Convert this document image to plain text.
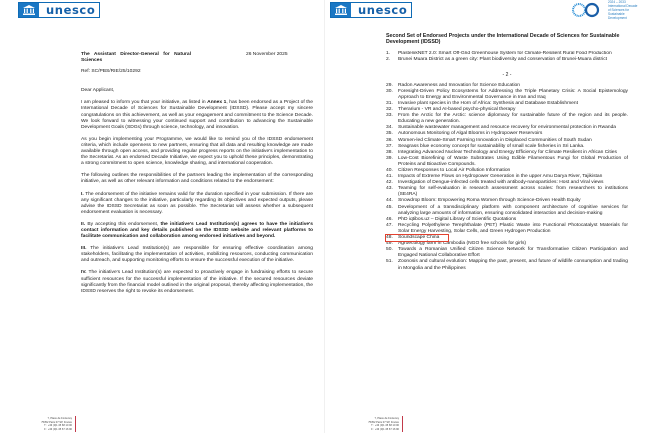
unesco
The Assistant Director-General for Natural Sciences
26 November 2025
Ref: SC/PBS/RIE/25/10292
Dear Applicant,

I am pleased to inform you that your initiative, as listed in Annex 1, has been endorsed as a Project of the International Decade of Sciences for Sustainable Development (IDSSD). Please accept my sincere congratulations on this achievement, as well as your engagement and commitment to the Science Decade. We look forward to witnessing your continued support and contribution to advancing the Sustainable Development Goals (SDGs) through science, technology, and innovation.

As you begin implementing your Programme, we would like to remind you of the IDSSD endorsement criteria, which include openness to new partners, ensuring that all data and resulting knowledge are made available through open access, and providing regular progress reports on the initiative's implementation to the Secretariat. As an endorsed Decade Initiative, we expect you to uphold these principles, demonstrating a strong commitment to open science, knowledge sharing, and international cooperation.

The following outlines the responsibilities of the partners leading the implementation of the corresponding initiative, as well as other relevant information and conditions related to the endorsement:

I. The endorsement of the initiative remains valid for the duration specified in your submission. If there are any significant changes to the initiative, particularly regarding its objectives and expected outputs, please advise the IDSSD Secretariat as soon as possible. The Secretariat will assess whether a subsequent endorsement evaluation is necessary.

II. By accepting this endorsement, the initiative's Lead Institution(s) agrees to have the initiative's contact information and key details published on the IDSSD website and relevant platforms to facilitate communication and collaboration among endorsed initiatives and beyond.

III. The initiative's Lead Institution(s) are responsible for ensuring effective coordination among stakeholders, facilitating the implementation of activities, mobilizing resources, conducting communication and outreach, and supporting monitoring efforts to ensure the successful execution of the initiative.

IV. The initiative's Lead Institution(s) are expected to proactively engage in fundraising efforts to secure sufficient resources for the successful implementation of the initiative. If the secured resources deviate significantly from the financial model outlined in the original proposal, thereby affecting implementation, the IDSSD reserves the right to revoke its endorsement.

7, Place de Fontenoy
75352 Paris 07 SP, France
T : +33 (0)1 45 68 10 00
F : +33 (0)1 45 67 16 90
unesco
2024 – 2033 International Decade of Sciences for Sustainable Development
Second Set of Endorsed Projects under the International Decade of Sciences for Sustainable Development (IDSSD)
1.	PlastenikNET 2.0: Smart Off-Grid Greenhouse System for Climate-Resilient Rural Food Production
2.	Brunei Muara District as a green city: Plant biodiversity and conservation of Brunei-Muara district
- 2 -
29.	Radon Awareness and Innovation for Science Education
30.	Foresight-Driven Policy Ecosystems for Addressing the Triple Planetary Crisis: A Social Epistemology Approach to Energy and Environmental Governance in Iran and Iraq
31.	Invasive plant species in the Horn of Africa: Synthesis and Database Establishment
32.	Therarium - VR and AI-based psycho-physical therapy
33.	From the Arctic for the Arctic: science diplomacy for sustainable future of the region and its people. Educating a new generation.
34.	Sustainable wastewater management and resource recovery for environmental protection in Rwanda
35.	Autonomous Monitoring of Algal Blooms in Hydropower Reservoirs
36.	Women-led Climate-Smart Farming Innovation in Displaced Communities of South Sudan
37.	Seagrass blue economy concept for sustainability of small scale fisheries in Sri Lanka.
38.	Integrating Advanced Nuclear Technology and Energy Efficiency for Climate Resilient in African Cities
39.	Low-Cost Biorefining of Waste Substrates Using Edible Filamentous Fungi for Global Production of Proteins and Bioactive Compounds.
40.	Citizen Responses to Local Air Pollution Information
41.	Impacts of Extreme Flows on Hydropower Generation in the upper Amu Darya River, Tajikistan
42.	Investigation of Dengue-infected cells treated with antibody-nanoparticles: Host and Viral views
43.	Teaming for self-evaluation in research assessment across scales: from researchers to institutions (SE4RA)
44.	Snowdrop Bloom: Empowering Roma Women through Science-Driven Health Equity
45.	Development of a transdisciplinary platform with component architecture of cognitive services for analyzing large amounts of information, ensuring consolidated interaction and decision-making
46.	PhD iqtibos.uz – Digital Library of Scientific Quotations
47.	Recycling Polyethylene Terephthalate (PET) Plastic Waste into Functional Photocatalyst Materials for Solar Energy Harvesting, Solar Cells, and Green Hydrogen Production
48.	Soundscape China
49.	Agroecology farm in Cambodia (NGO free schools for girls)
50.	Towards a Romanian Unified Citizen Science Network for Transformative Citizen Participation and Engaged National Collaborative Effort
51.	Zoonosis and cultural evolution: Mapping the past, present, and future of wildlife consumption and trading in Mongolia and the Philippines
7, Place de Fontenoy
75352 Paris 07 SP, France
T : +33 (0)1 45 68 10 00
F : +33 (0)1 45 67 16 90
